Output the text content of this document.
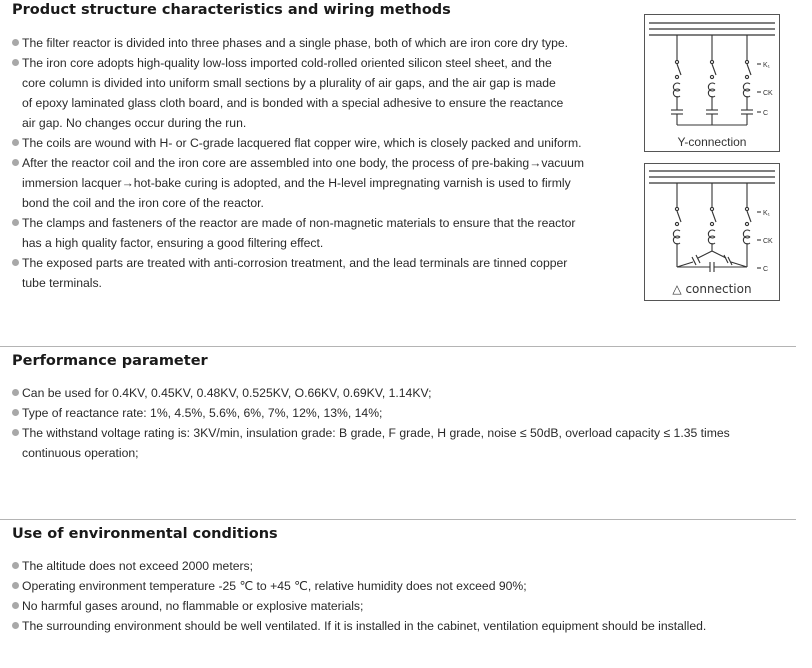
Product structure characteristics and wiring methods
The filter reactor is divided into three phases and a single phase, both of which are iron core dry type.
The iron core adopts high-quality low-loss imported cold-rolled oriented silicon steel sheet, and the
core column is divided into uniform small sections by a plurality of air gaps, and the air gap is made
of epoxy laminated glass cloth board, and is bonded with a special adhesive to ensure the reactance
air gap. No changes occur during the run.
The coils are wound with H- or C-grade lacquered flat copper wire, which is closely packed and uniform.
After the reactor coil and the iron core are assembled into one body, the process of pre-baking→vacuum
immersion lacquer→hot-bake curing is adopted, and the H-level impregnating varnish is used to firmly
bond the coil and the iron core of the reactor.
The clamps and fasteners of the reactor are made of non-magnetic materials to ensure that the reactor
has a high quality factor, ensuring a good filtering effect.
The exposed parts are treated with anti-corrosion treatment, and the lead terminals are tinned copper
tube terminals.
K₁
CK
C
Y-connection
K₁
CK
C
△ connection
Performance parameter
Can be used for 0.4KV, 0.45KV, 0.48KV, 0.525KV, O.66KV, 0.69KV, 1.14KV;
Type of reactance rate: 1%, 4.5%, 5.6%, 6%, 7%, 12%, 13%, 14%;
The withstand voltage rating is: 3KV/min, insulation grade: B grade, F grade, H grade, noise ≤ 50dB, overload capacity ≤ 1.35 times
continuous operation;
Use of environmental conditions
The altitude does not exceed 2000 meters;
Operating environment temperature -25 ℃ to +45 ℃, relative humidity does not exceed 90%;
No harmful gases around, no flammable or explosive materials;
The surrounding environment should be well ventilated. If it is installed in the cabinet, ventilation equipment should be installed.
